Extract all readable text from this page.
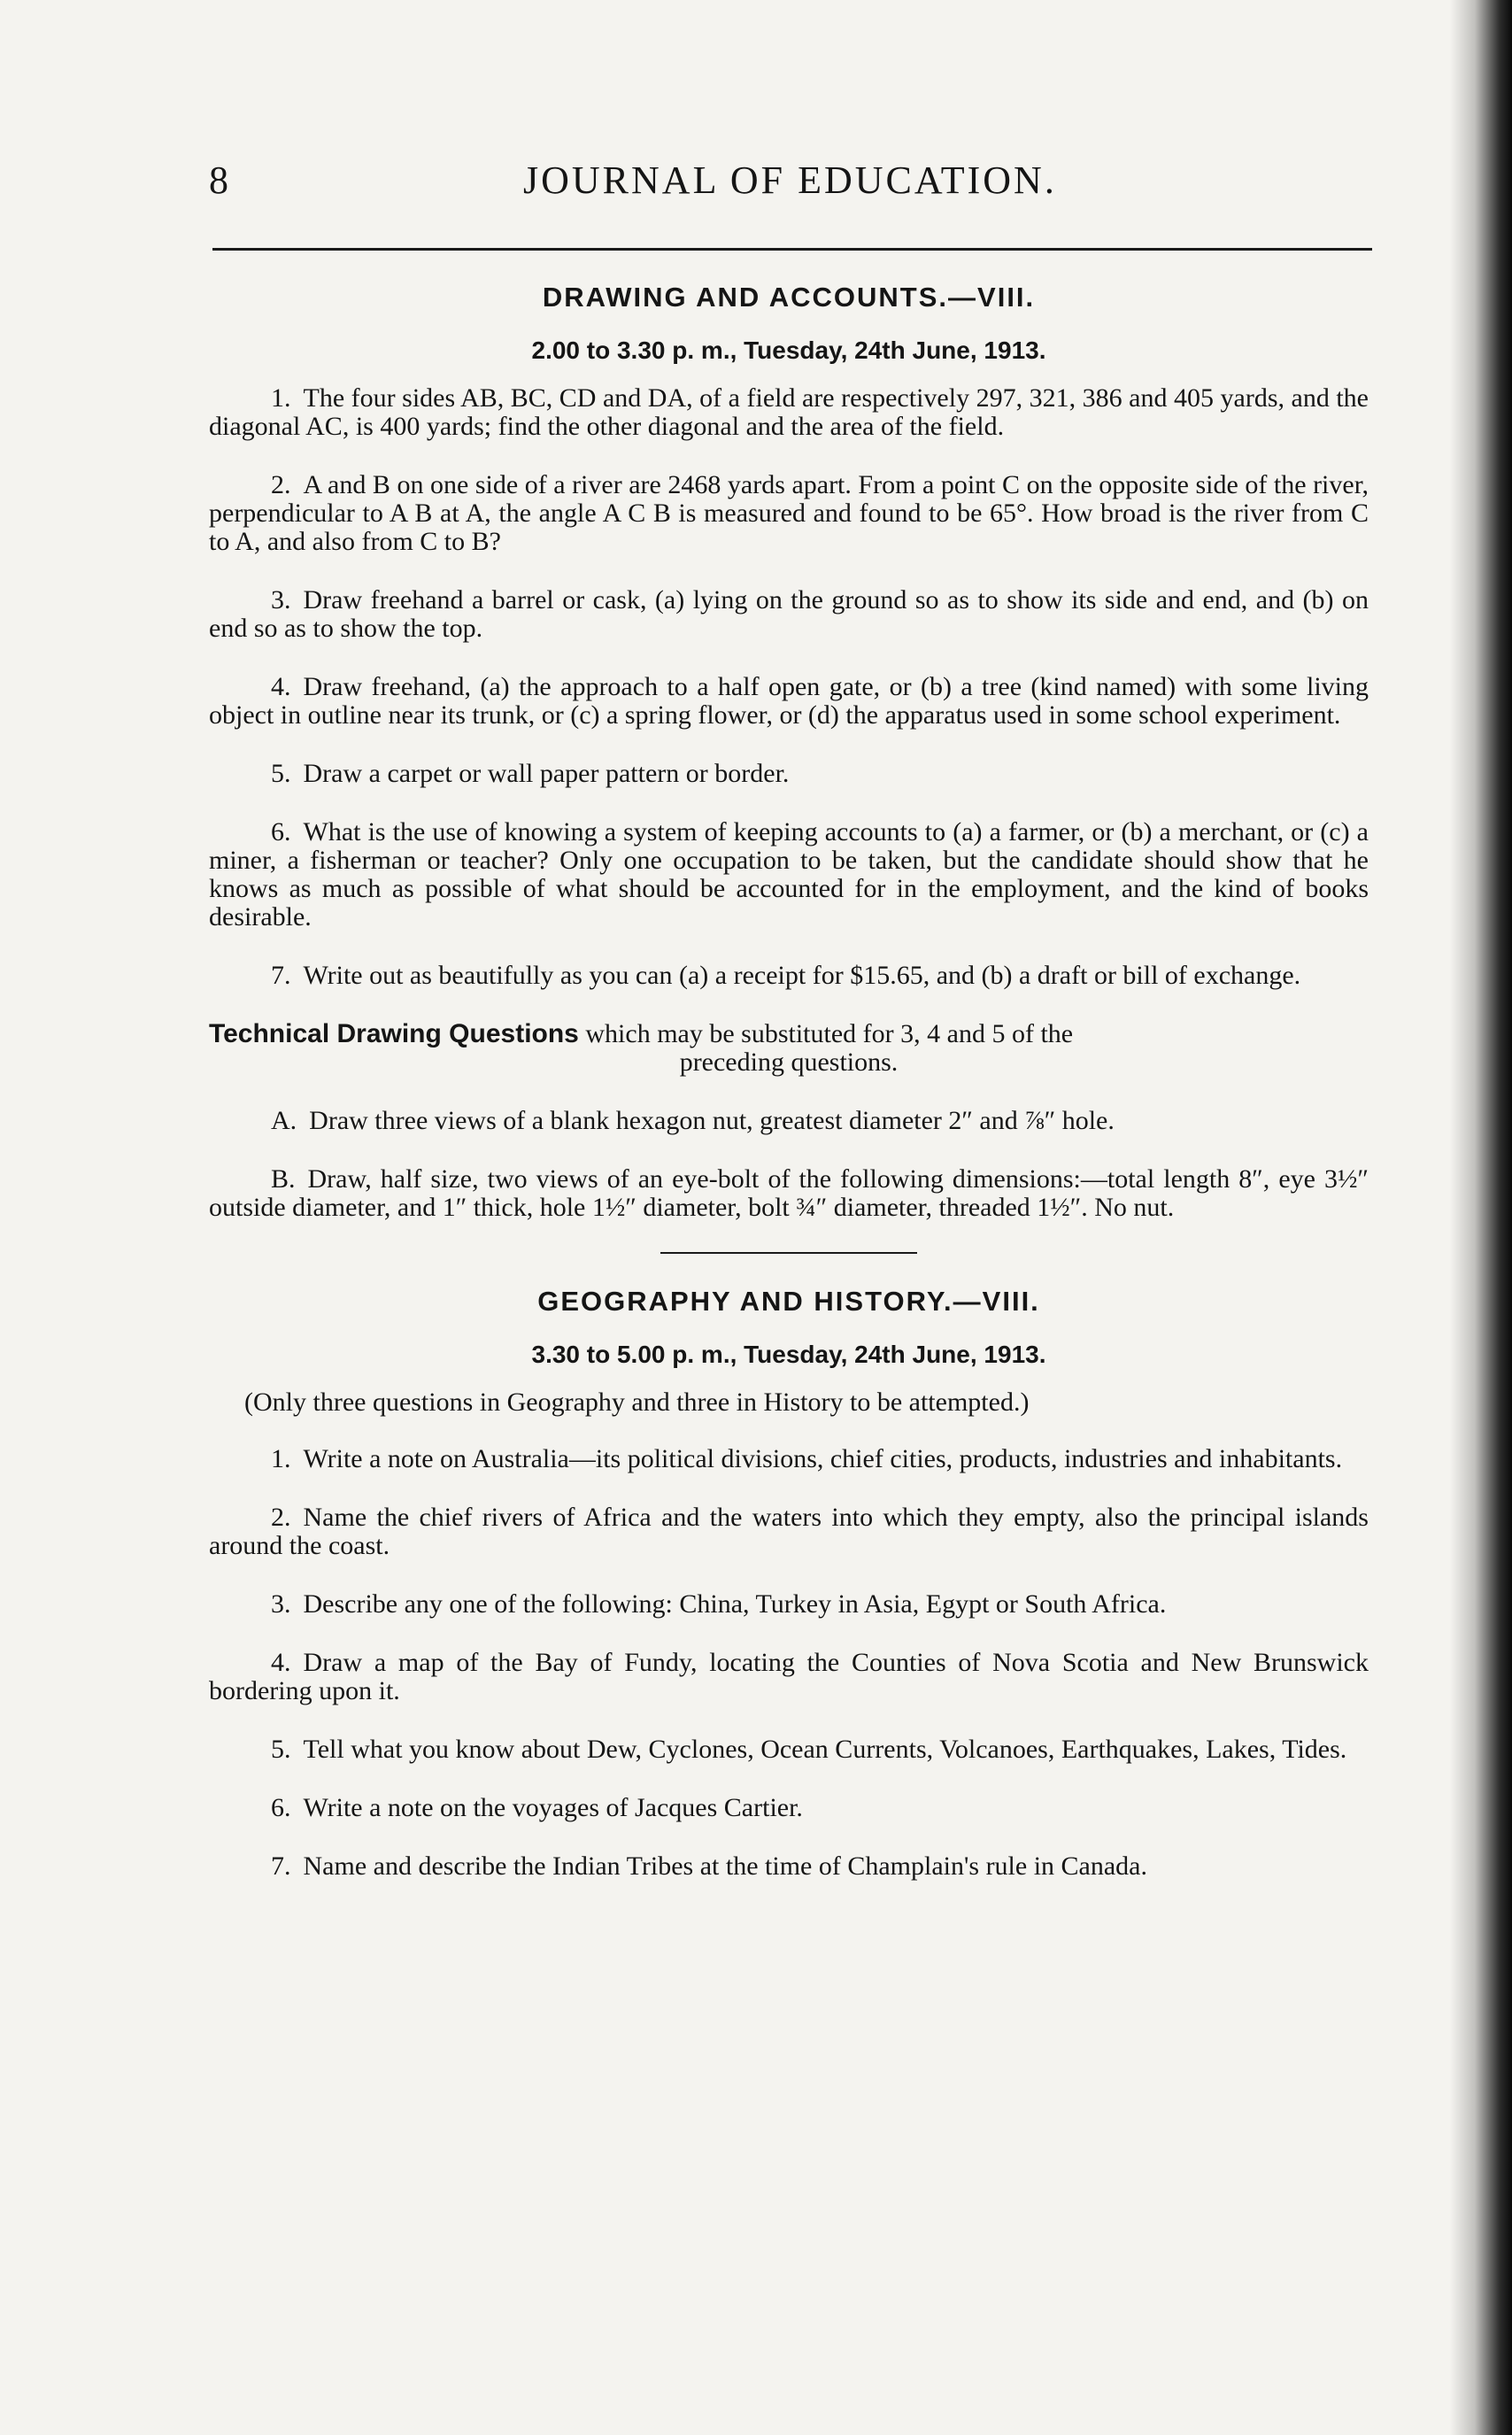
8	JOURNAL OF EDUCATION.
DRAWING AND ACCOUNTS.—VIII.
2.00 to 3.30 p. m., Tuesday, 24th June, 1913.

1. The four sides AB, BC, CD and DA, of a field are respectively 297, 321, 386 and 405 yards, and the diagonal AC, is 400 yards; find the other diagonal and the area of the field.

2. A and B on one side of a river are 2468 yards apart. From a point C on the opposite side of the river, perpendicular to A B at A, the angle A C B is measured and found to be 65°. How broad is the river from C to A, and also from C to B?

3. Draw freehand a barrel or cask, (a) lying on the ground so as to show its side and end, and (b) on end so as to show the top.

4. Draw freehand, (a) the approach to a half open gate, or (b) a tree (kind named) with some living object in outline near its trunk, or (c) a spring flower, or (d) the apparatus used in some school experiment.

5. Draw a carpet or wall paper pattern or border.

6. What is the use of knowing a system of keeping accounts to (a) a farmer, or (b) a merchant, or (c) a miner, a fisherman or teacher? Only one occupation to be taken, but the candidate should show that he knows as much as possible of what should be accounted for in the employment, and the kind of books desirable.

7. Write out as beautifully as you can (a) a receipt for $15.65, and (b) a draft or bill of exchange.

Technical Drawing Questions which may be substituted for 3, 4 and 5 of the
preceding questions.

A. Draw three views of a blank hexagon nut, greatest diameter 2″ and ⅞″ hole.

B. Draw, half size, two views of an eye-bolt of the following dimensions:—total length 8″, eye 3½″ outside diameter, and 1″ thick, hole 1½″ diameter, bolt ¾″ diameter, threaded 1½″. No nut.

GEOGRAPHY AND HISTORY.—VIII.
3.30 to 5.00 p. m., Tuesday, 24th June, 1913.

(Only three questions in Geography and three in History to be attempted.)

1. Write a note on Australia—its political divisions, chief cities, products, industries and inhabitants.

2. Name the chief rivers of Africa and the waters into which they empty, also the principal islands around the coast.

3. Describe any one of the following: China, Turkey in Asia, Egypt or South Africa.

4. Draw a map of the Bay of Fundy, locating the Counties of Nova Scotia and New Brunswick bordering upon it.

5. Tell what you know about Dew, Cyclones, Ocean Currents, Volcanoes, Earthquakes, Lakes, Tides.

6. Write a note on the voyages of Jacques Cartier.

7. Name and describe the Indian Tribes at the time of Champlain's rule in Canada.
